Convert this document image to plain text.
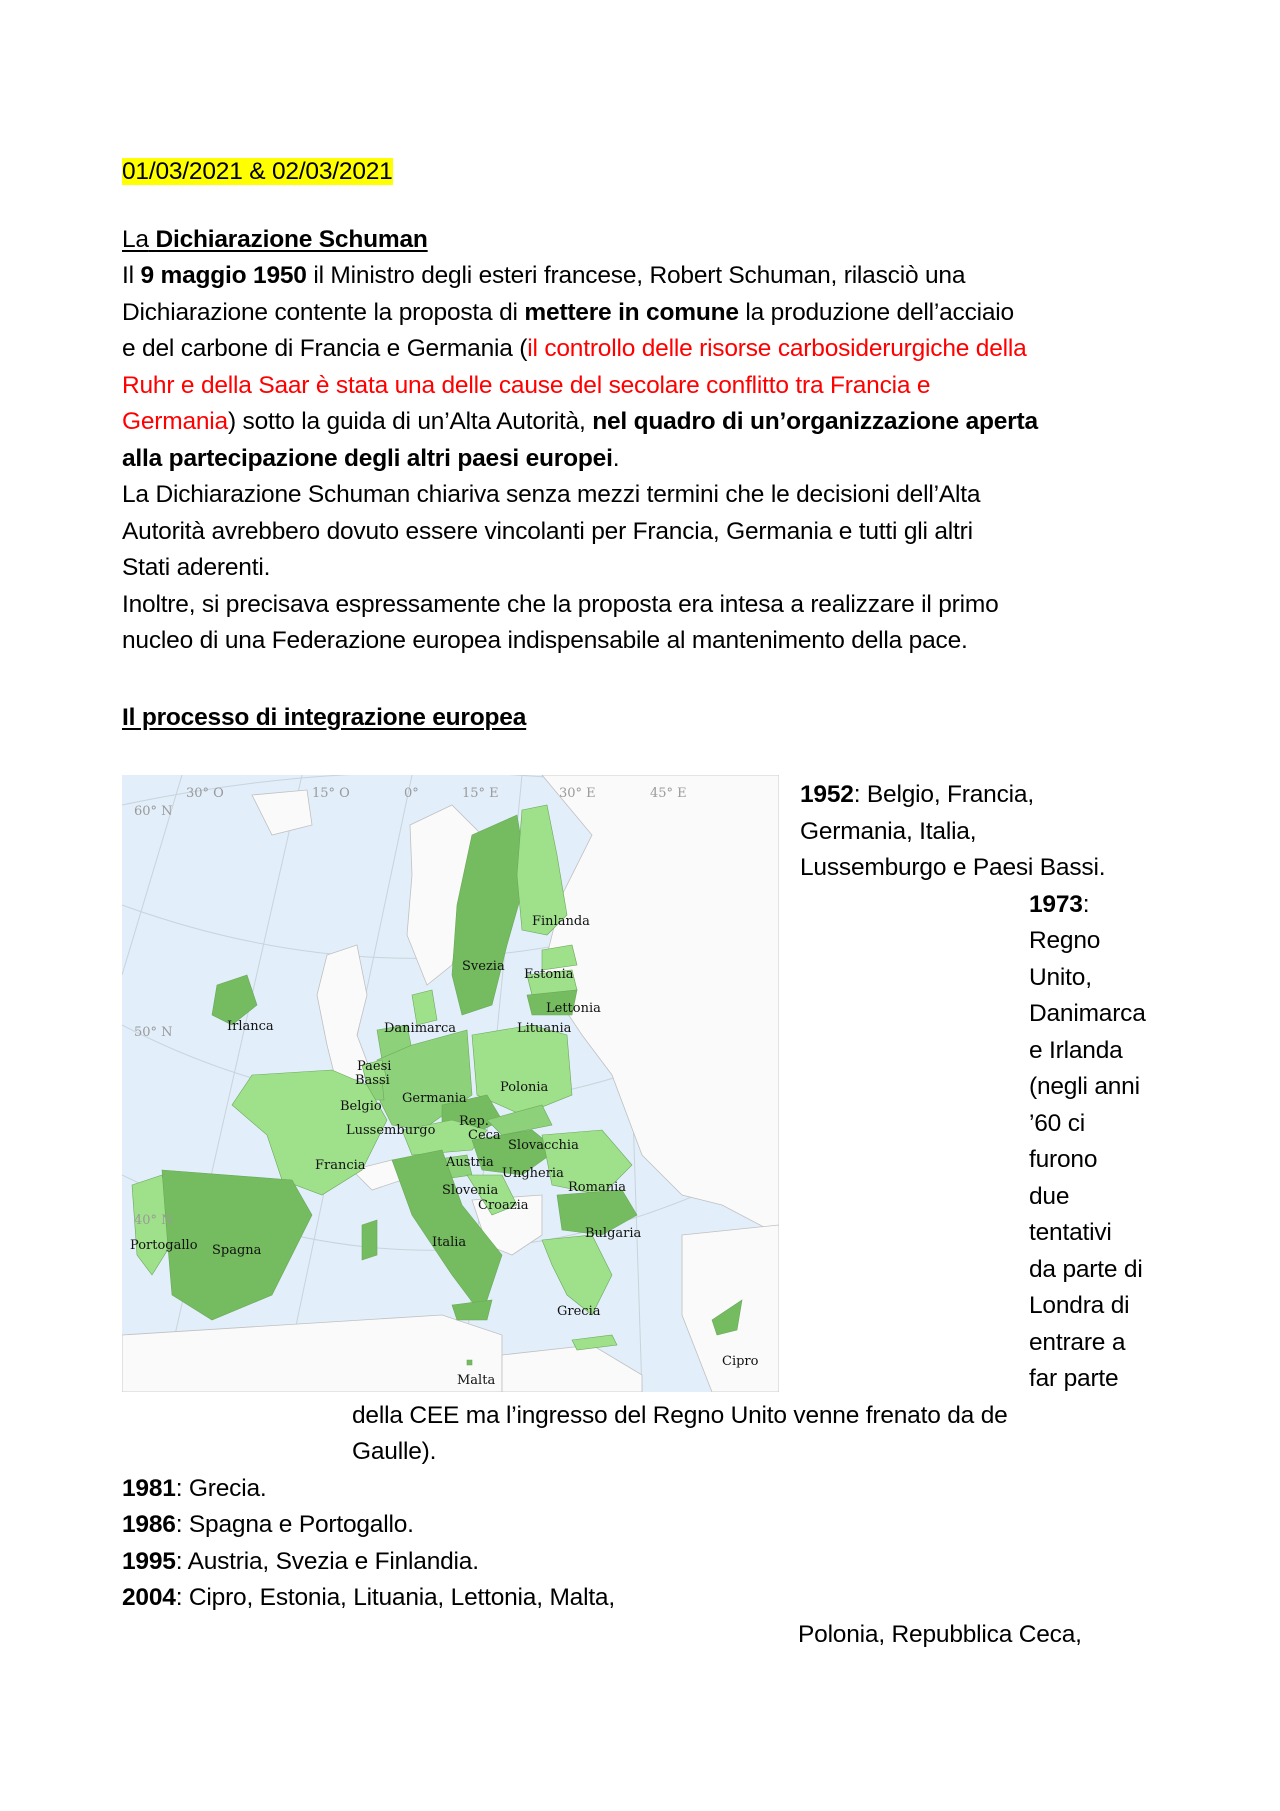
01/03/2021 & 02/03/2021
La Dichiarazione Schuman
Il 9 maggio 1950 il Ministro degli esteri francese, Robert Schuman, rilasciò una
Dichiarazione contente la proposta di mettere in comune la produzione dell’acciaio
e del carbone di Francia e Germania (il controllo delle risorse carbosiderurgiche della
Ruhr e della Saar è stata una delle cause del secolare conflitto tra Francia e
Germania) sotto la guida di un’Alta Autorità, nel quadro di un’organizzazione aperta
alla partecipazione degli altri paesi europei.
La Dichiarazione Schuman chiariva senza mezzi termini che le decisioni dell’Alta
Autorità avrebbero dovuto essere vincolanti per Francia, Germania e tutti gli altri
Stati aderenti.
Inoltre, si precisava espressamente che la proposta era intesa a realizzare il primo
nucleo di una Federazione europea indispensabile al mantenimento della pace.
Il processo di integrazione europea
30° O	15° O	0°	15° E	30° E	45° E
60° N
50° N
40° N
Finlanda
Svezia
Estonia
Lettonia
Lituania
Irlanca	Danimarca
Paesi
Bassi
Germania
Polonia
Belgio
Lussemburgo
Rep.
Ceca
Slovacchia
Francia	Austria
Ungheria
Romania
Slovenia
Croazia
Portogallo Spagna
Italia
Bulgaria
Grecia
Cipro
Malta
1952: Belgio, Francia,
Germania, Italia,
Lussemburgo e Paesi Bassi.
1973:
Regno
Unito,
Danimarca
e Irlanda
(negli anni
’60 ci
furono
due
tentativi
da parte di
Londra di
entrare a
far parte
della CEE ma l’ingresso del Regno Unito venne frenato da de
Gaulle).
1981: Grecia.
1986: Spagna e Portogallo.
1995: Austria, Svezia e Finlandia.
2004: Cipro, Estonia, Lituania, Lettonia, Malta,
Polonia, Repubblica Ceca,
